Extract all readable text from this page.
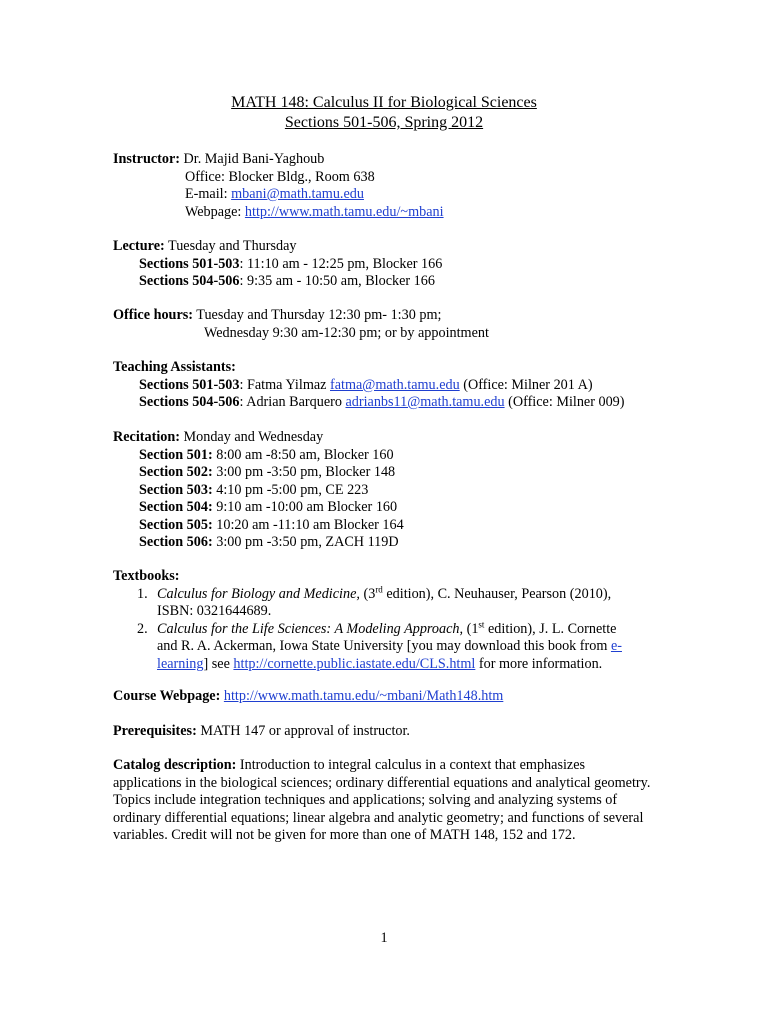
MATH 148: Calculus II for Biological Sciences
Sections 501-506, Spring 2012
Instructor: Dr. Majid Bani-Yaghoub
Office: Blocker Bldg., Room 638
E-mail: mbani@math.tamu.edu
Webpage: http://www.math.tamu.edu/~mbani
Lecture: Tuesday and Thursday
Sections 501-503: 11:10 am - 12:25 pm, Blocker 166
Sections 504-506: 9:35 am - 10:50 am, Blocker 166
Office hours: Tuesday and Thursday 12:30 pm- 1:30 pm;
Wednesday 9:30 am-12:30 pm; or by appointment
Teaching Assistants:
Sections 501-503: Fatma Yilmaz fatma@math.tamu.edu (Office: Milner 201 A)
Sections 504-506: Adrian Barquero adrianbs11@math.tamu.edu (Office: Milner 009)
Recitation: Monday and Wednesday
Section 501: 8:00 am -8:50 am, Blocker 160
Section 502: 3:00 pm -3:50 pm, Blocker 148
Section 503: 4:10 pm -5:00 pm, CE 223
Section 504: 9:10 am -10:00 am Blocker 160
Section 505: 10:20 am -11:10 am Blocker 164
Section 506: 3:00 pm -3:50 pm, ZACH 119D
Textbooks:
1. Calculus for Biology and Medicine, (3rd edition), C. Neuhauser, Pearson (2010),
ISBN: 0321644689.
2. Calculus for the Life Sciences: A Modeling Approach, (1st edition), J. L. Cornette
and R. A. Ackerman, Iowa State University [you may download this book from e-
learning] see http://cornette.public.iastate.edu/CLS.html for more information.
Course Webpage: http://www.math.tamu.edu/~mbani/Math148.htm
Prerequisites: MATH 147 or approval of instructor.
Catalog description: Introduction to integral calculus in a context that emphasizes applications in the biological sciences; ordinary differential equations and analytical geometry. Topics include integration techniques and applications; solving and analyzing systems of ordinary differential equations; linear algebra and analytic geometry; and functions of several variables. Credit will not be given for more than one of MATH 148, 152 and 172.
1
